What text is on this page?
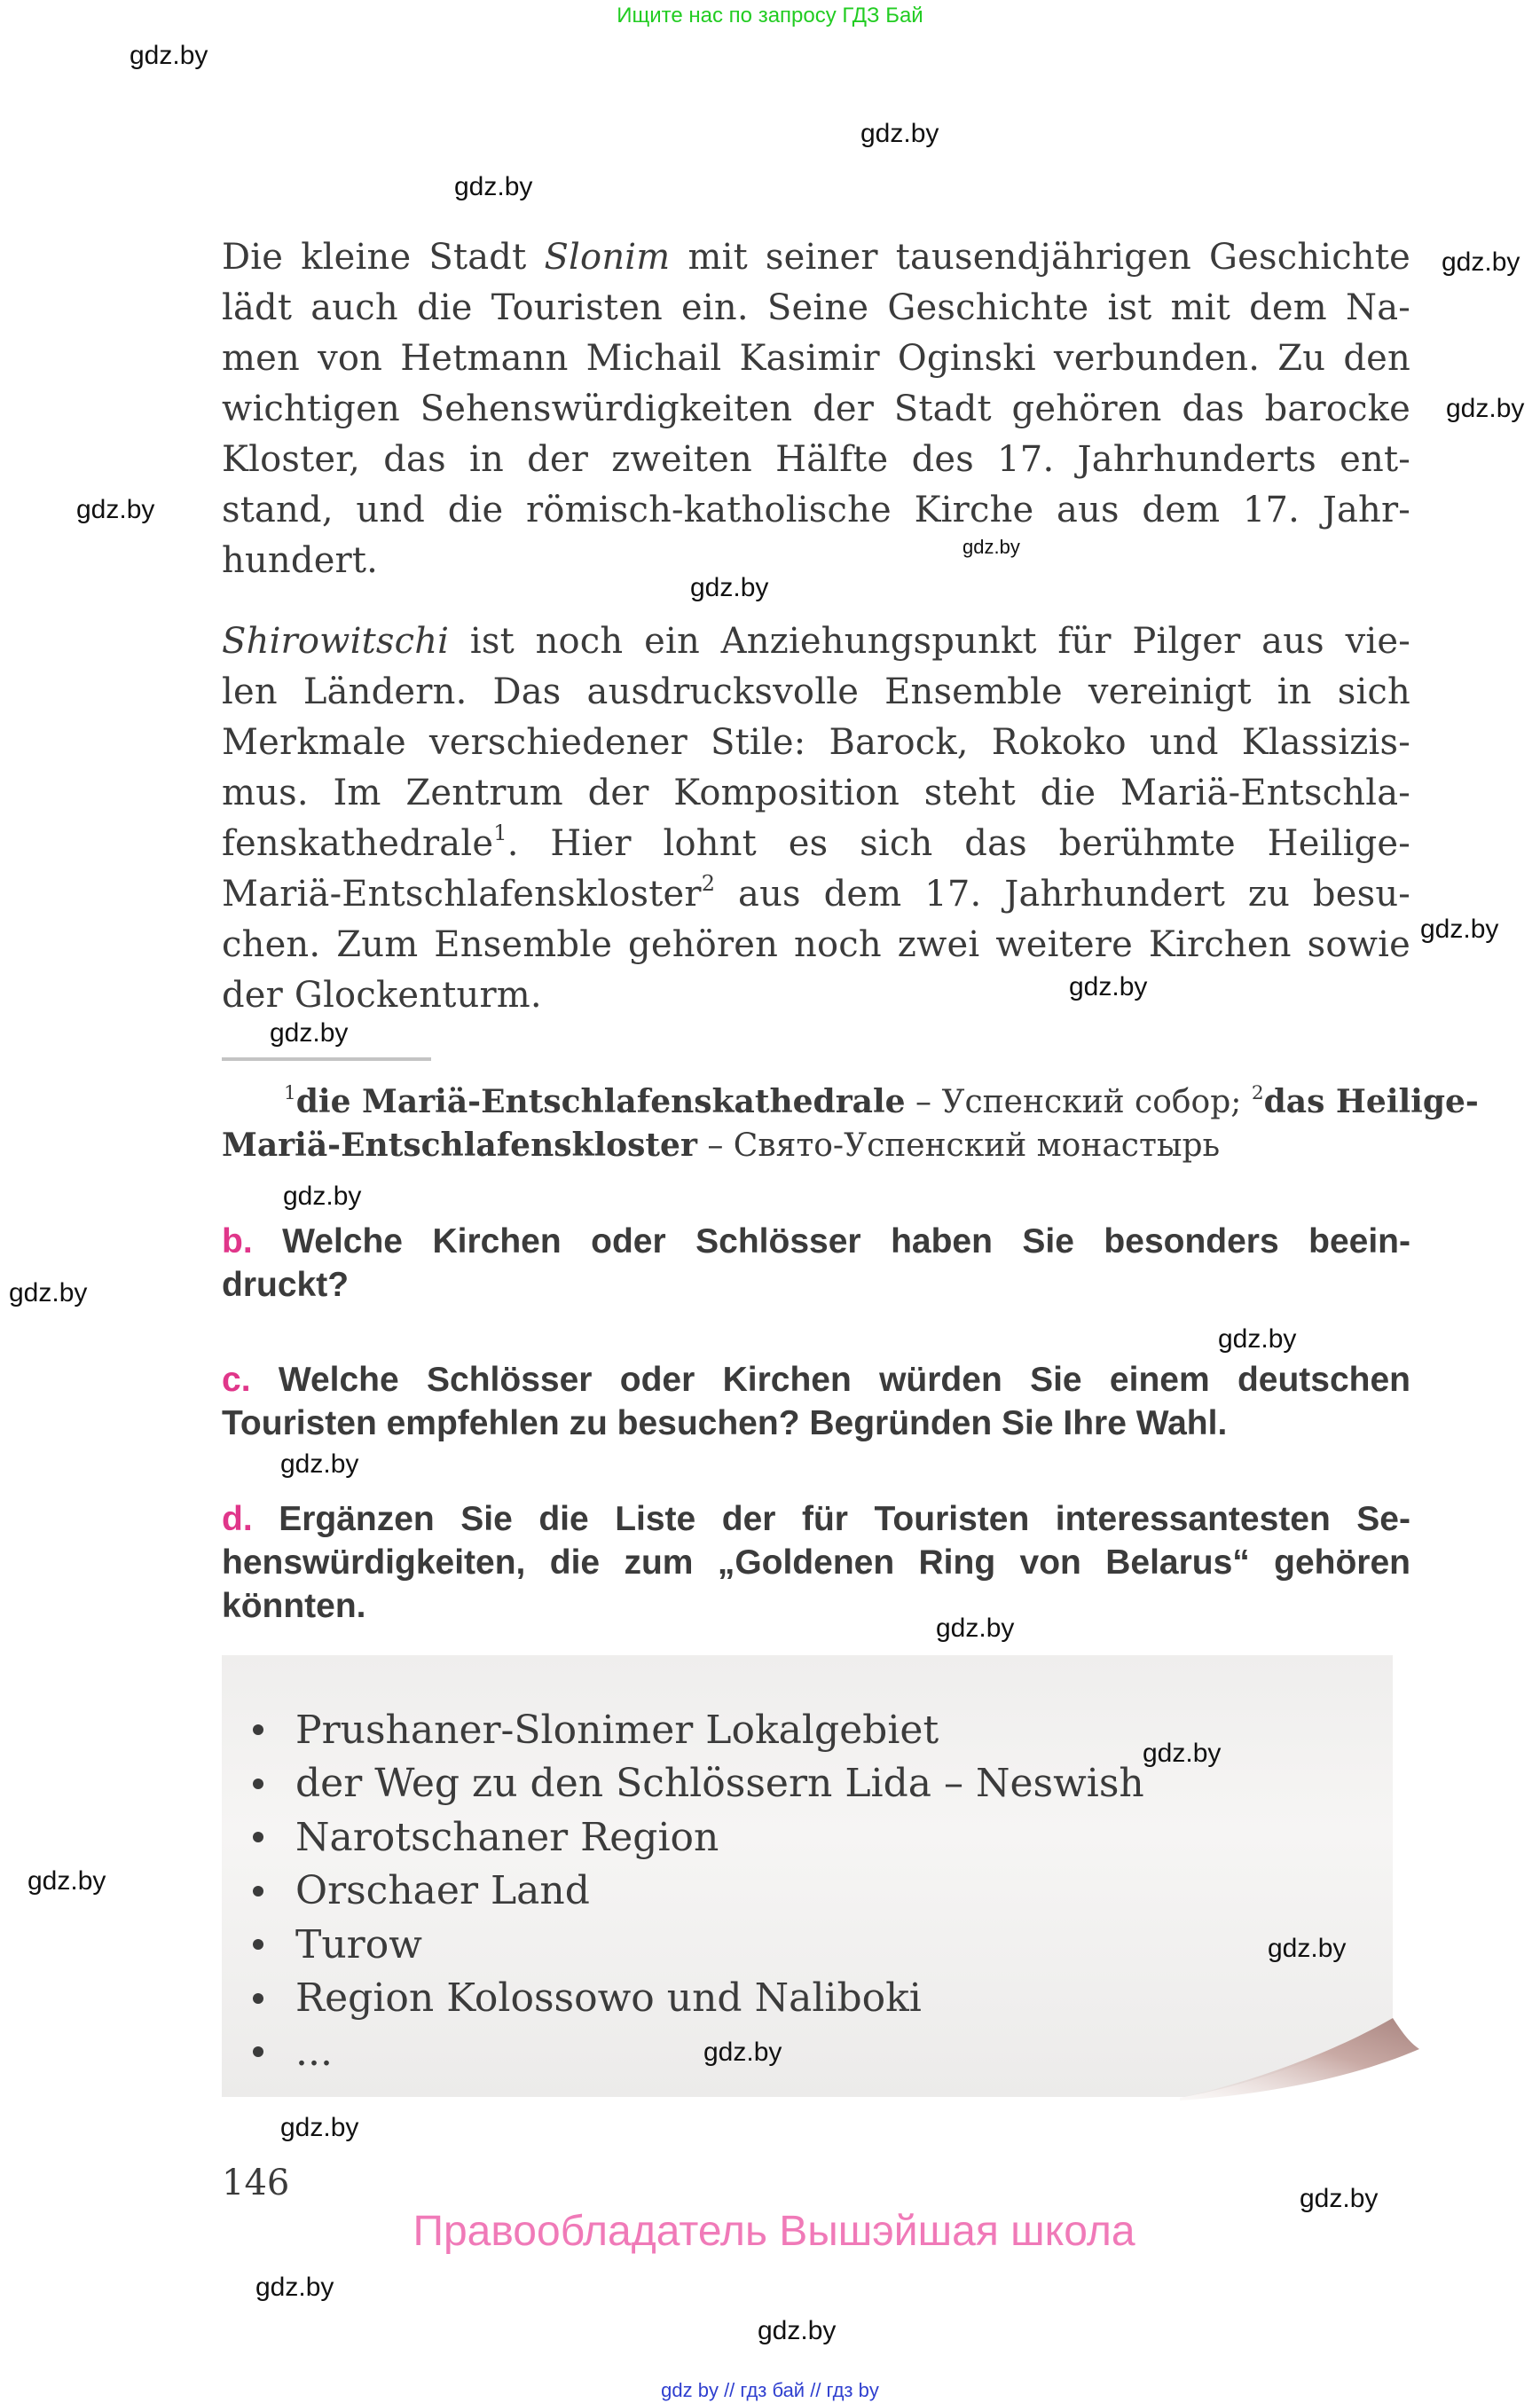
Ищите нас по запросу ГДЗ Бай
Die kleine Stadt Slonim mit seiner tausendjährigen Geschichte
lädt auch die Touristen ein. Seine Geschichte ist mit dem Na-
men von Hetmann Michail Kasimir Oginski verbunden. Zu den
wichtigen Sehenswürdigkeiten der Stadt gehören das barocke
Kloster, das in der zweiten Hälfte des 17. Jahrhunderts ent-
stand, und die römisch-katholische Kirche aus dem 17. Jahr-
hundert.
Shirowitschi ist noch ein Anziehungspunkt für Pilger aus vie-
len Ländern. Das ausdrucksvolle Ensemble vereinigt in sich
Merkmale verschiedener Stile: Barock, Rokoko und Klassizis-
mus. Im Zentrum der Komposition steht die Mariä-Entschla-
fenskathedrale$^1$. Hier lohnt es sich das berühmte Heilige-
Mariä-Entschlafenskloster$^2$ aus dem 17. Jahrhundert zu besu-
chen. Zum Ensemble gehören noch zwei weitere Kirchen sowie
der Glockenturm.
$^1$die Mariä-Entschlafenskathedrale – Успенский собор; $^2$das Heilige-
Mariä-Entschlafenskloster – Свято-Успенский монастырь
b. Welche Kirchen oder Schlösser haben Sie besonders beein-
druckt?
c. Welche Schlösser oder Kirchen würden Sie einem deutschen
Touristen empfehlen zu besuchen? Begründen Sie Ihre Wahl.
d. Ergänzen Sie die Liste der für Touristen interessantesten Se-
henswürdigkeiten, die zum „Goldenen Ring von Belarus“ gehören
könnten.
Prushaner-Slonimer Lokalgebiet
der Weg zu den Schlössern Lida – Neswish
Narotschaner Region
Orschaer Land
Turow
Region Kolossowo und Naliboki
...
146
Правообладатель Вышэйшая школа
gdz by // гдз бай // гдз by
gdz.by
gdz.by
gdz.by
gdz.by
gdz.by
gdz.by
gdz.by
gdz.by
gdz.by
gdz.by
gdz.by
gdz.by
gdz.by
gdz.by
gdz.by
gdz.by
gdz.by
gdz.by
gdz.by
gdz.by
gdz.by
gdz.by
gdz.by
gdz.by
